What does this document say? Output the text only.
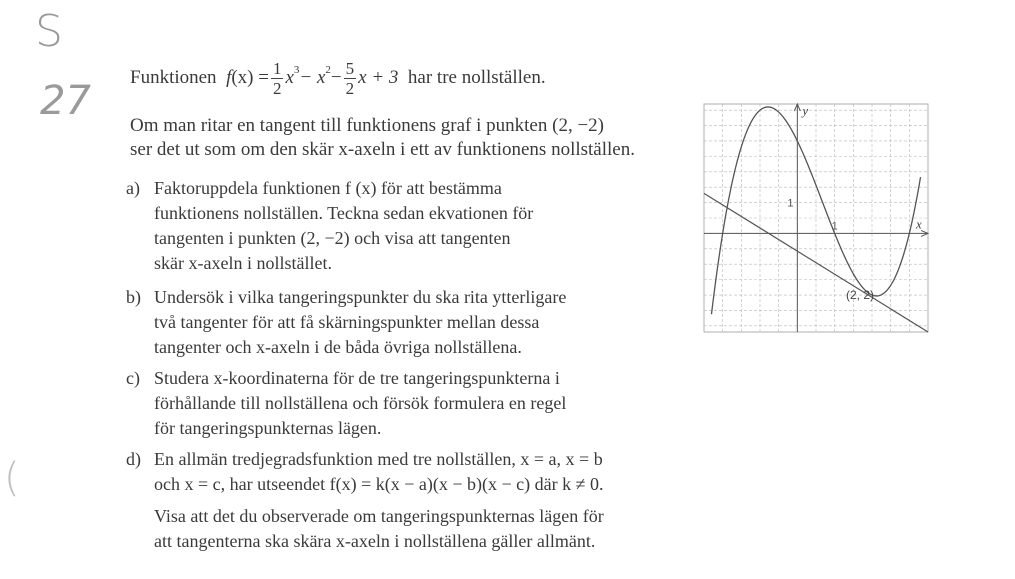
S
27
(
Funktionen
f $(x) = \frac{1}{2}$ x 3 − x $2 - \frac{5}{2}$ x + 3
har tre nollställen.
Om man ritar en tangent till funktionens graf i punkten (2, −2)
ser det ut som om den skär x-axeln i ett av funktionens nollställen.
a) Faktoruppdela funktionen f (x) för att bestämma
funktionens nollställen. Teckna sedan ekvationen för
tangenten i punkten (2, −2) och visa att tangenten
skär x-axeln i nollstället.
b) Undersök i vilka tangeringspunkter du ska rita ytterligare
två tangenter för att få skärningspunkter mellan dessa
tangenter och x-axeln i de båda övriga nollställena.
c) Studera x-koordinaterna för de tre tangeringspunkterna i
förhållande till nollställena och försök formulera en regel
för tangeringspunkternas lägen.
d) En allmän tredjegradsfunktion med tre nollställen, x = a, x = b
och x = c, har utseendet f(x) = k(x − a)(x − b)(x − c) där k ≠ 0.
Visa att det du observerade om tangeringspunkternas lägen för
att tangenterna ska skära x-axeln i nollställena gäller allmänt.
y
x
1
1
(2, 2)
